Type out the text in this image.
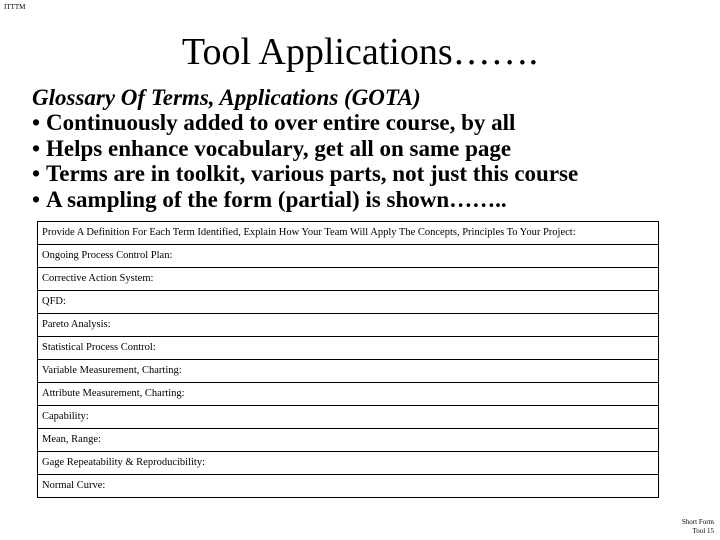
ITTTM
Tool Applications…….
Glossary Of Terms, Applications (GOTA)
• Continuously added to over entire course, by all
• Helps enhance vocabulary, get all on same page
• Terms are in toolkit, various parts, not just this course
• A sampling of the form (partial) is shown……..
Provide A Definition For Each Term Identified, Explain How Your Team Will Apply The Concepts, Principles To Your Project:
Ongoing Process Control Plan:
Corrective Action System:
QFD:
Pareto Analysis:
Statistical Process Control:
Variable Measurement, Charting:
Attribute Measurement, Charting:
Capability:
Mean, Range:
Gage Repeatability & Reproducibility:
Normal Curve:
Short Form
Tool 15
